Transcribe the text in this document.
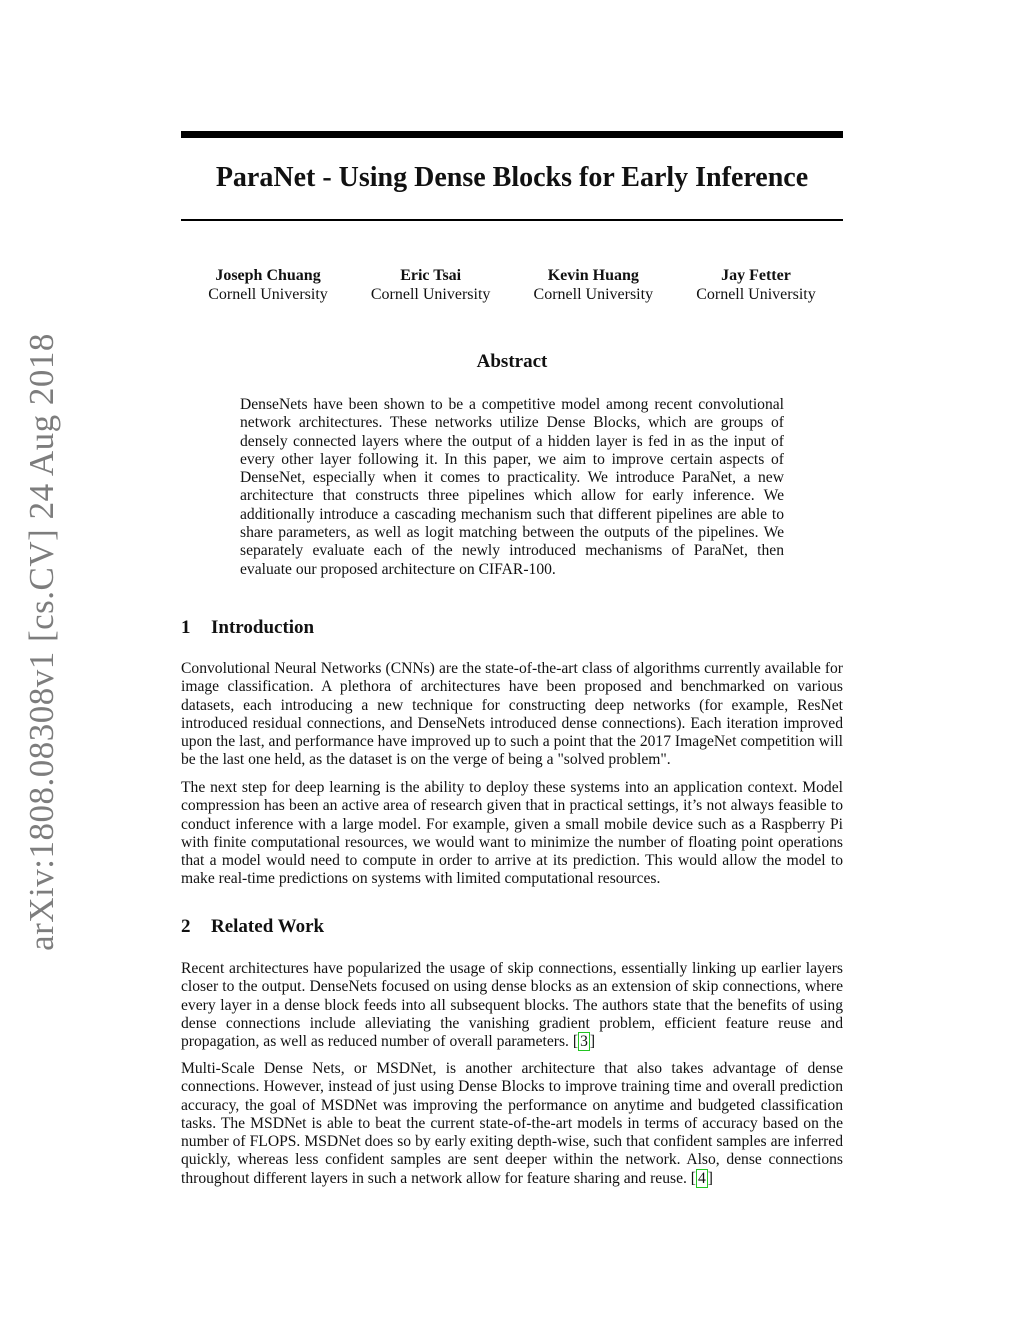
arXiv:1808.08308v1 [cs.CV] 24 Aug 2018
ParaNet - Using Dense Blocks for Early Inference
Joseph Chuang
Cornell University
Eric Tsai
Cornell University
Kevin Huang
Cornell University
Jay Fetter
Cornell University
Abstract

DenseNets have been shown to be a competitive model among recent convolutional network architectures. These networks utilize Dense Blocks, which are groups of densely connected layers where the output of a hidden layer is fed in as the input of every other layer following it. In this paper, we aim to improve certain aspects of DenseNet, especially when it comes to practicality. We introduce ParaNet, a new architecture that constructs three pipelines which allow for early inference. We additionally introduce a cascading mechanism such that different pipelines are able to share parameters, as well as logit matching between the outputs of the pipelines. We separately evaluate each of the newly introduced mechanisms of ParaNet, then evaluate our proposed architecture on CIFAR-100.

1 Introduction

Convolutional Neural Networks (CNNs) are the state-of-the-art class of algorithms currently available for image classification. A plethora of architectures have been proposed and benchmarked on various datasets, each introducing a new technique for constructing deep networks (for example, ResNet introduced residual connections, and DenseNets introduced dense connections). Each iteration improved upon the last, and performance have improved up to such a point that the 2017 ImageNet competition will be the last one held, as the dataset is on the verge of being a "solved problem".

The next step for deep learning is the ability to deploy these systems into an application context. Model compression has been an active area of research given that in practical settings, it’s not always feasible to conduct inference with a large model. For example, given a small mobile device such as a Raspberry Pi with finite computational resources, we would want to minimize the number of floating point operations that a model would need to compute in order to arrive at its prediction. This would allow the model to make real-time predictions on systems with limited computational resources.

2 Related Work

Recent architectures have popularized the usage of skip connections, essentially linking up earlier layers closer to the output. DenseNets focused on using dense blocks as an extension of skip connections, where every layer in a dense block feeds into all subsequent blocks. The authors state that the benefits of using dense connections include alleviating the vanishing gradient problem, efficient feature reuse and propagation, as well as reduced number of overall parameters. [ 3 ]

Multi-Scale Dense Nets, or MSDNet, is another architecture that also takes advantage of dense connections. However, instead of just using Dense Blocks to improve training time and overall prediction accuracy, the goal of MSDNet was improving the performance on anytime and budgeted classification tasks. The MSDNet is able to beat the current state-of-the-art models in terms of accuracy based on the number of FLOPS. MSDNet does so by early exiting depth-wise, such that confident samples are inferred quickly, whereas less confident samples are sent deeper within the network. Also, dense connections throughout different layers in such a network allow for feature sharing and reuse. [ 4 ]
